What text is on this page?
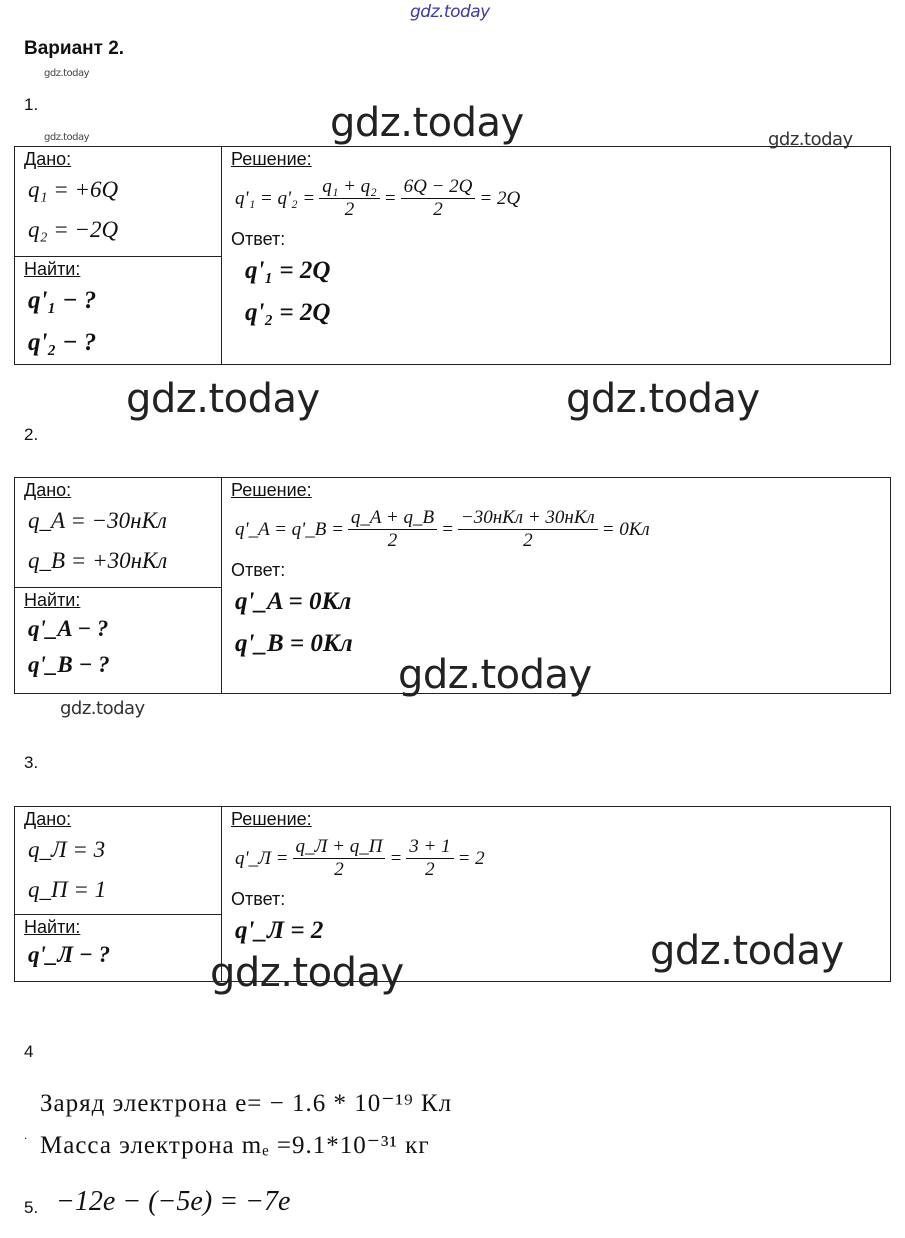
gdz.today
gdz.today
gdz.today	gdz.today	gdz.today
gdz.today	gdz.today
Вариант 2.
1.
Дано:
q₁ = +6Q
q₂ = −2Q

Решение:
$q'_1 = q'_2 = \frac{\text{q₁ + q₂}}{2} = \frac{6Q - 2Q}{2} = 2Q$
Ответ:
q'₁ = 2Q
q'₂ = 2Q

Найти:
q'₁ − ?
q'₂ − ?
2.
Дано:
q_A = −30нКл
q_B = +30нКл

Решение:
q'_A = q'_B = $\frac{q\_A + q\_B}{2} = \frac{\text{−30нКл + 30нКл}}{2} = 0Кл$
Ответ:
q'_A = 0Кл
q'_B = 0Кл

Найти:
q'_A − ?
q'_B − ?	gdz.today
gdz.today
3.
Дано:
q_Л = 3
q_П = 1

Решение:
q'_Л = $\frac{q\_Л + q\_П}{2} = \frac{3 + 1}{2} = 2$
Ответ:
q'_Л = 2

Найти:
q'_Л − ?	gdz.today
gdz.today
4
Заряд электрона e= − 1.6 * 10⁻¹⁹ Кл
. Масса электрона mₑ =9.1*10⁻³¹ кг
5. −12e − (−5e) = −7e
